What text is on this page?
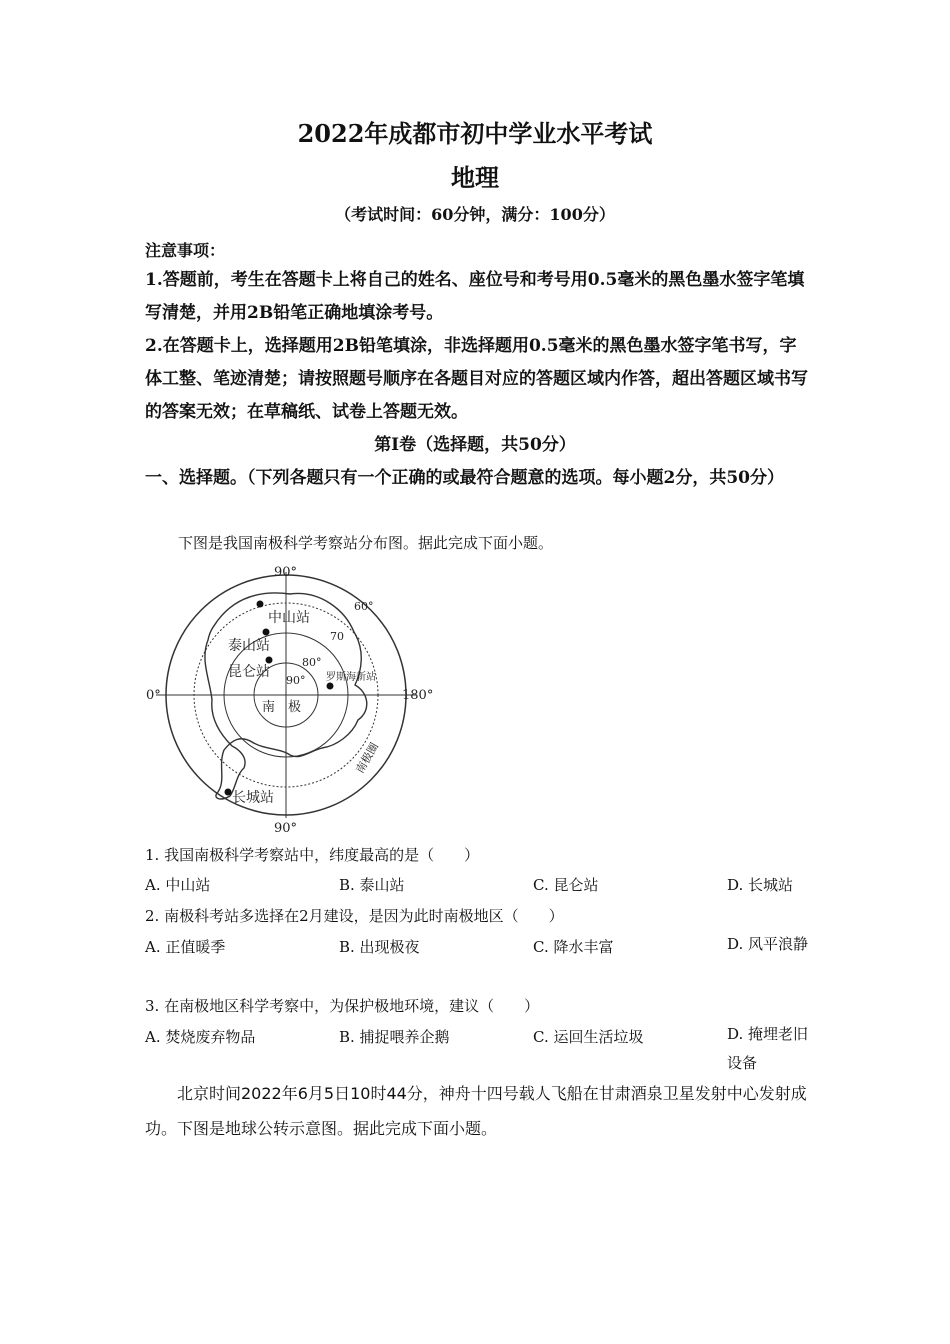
2022年成都市初中学业水平考试
地理
（考试时间：60分钟，满分：100分）
注意事项：
1.答题前，考生在答题卡上将自己的姓名、座位号和考号用0.5毫米的黑色墨水签字笔填写清楚，并用2B铅笔正确地填涂考号。
2.在答题卡上，选择题用2B铅笔填涂，非选择题用0.5毫米的黑色墨水签字笔书写，字体工整、笔迹清楚；请按照题号顺序在各题目对应的答题区域内作答，超出答题区域书写的答案无效；在草稿纸、试卷上答题无效。
第Ⅰ卷（选择题，共50分）
一、选择题。（下列各题只有一个正确的或最符合题意的选项。每小题2分，共50分）
下图是我国南极科学考察站分布图。据此完成下面小题。
90°
90°
0°	180°
60°
70
80°
90°
南　极
中山站
泰山站
昆仑站	罗斯海新站
长城站
南极圈
1. 我国南极科学考察站中，纬度最高的是（　　）
A. 中山站	B. 泰山站	C. 昆仑站	D. 长城站
2. 南极科考站多选择在2月建设，是因为此时南极地区（　　）
A. 正值暖季	B. 出现极夜	C. 降水丰富	D. 风平浪静
3. 在南极地区科学考察中，为保护极地环境，建议（　　）
A. 焚烧废弃物品	B. 捕捉喂养企鹅	C. 运回生活垃圾	D. 掩埋老旧设备
北京时间2022年6月5日10时44分，神舟十四号载人飞船在甘肃酒泉卫星发射中心发射成功。下图是地球公转示意图。据此完成下面小题。
